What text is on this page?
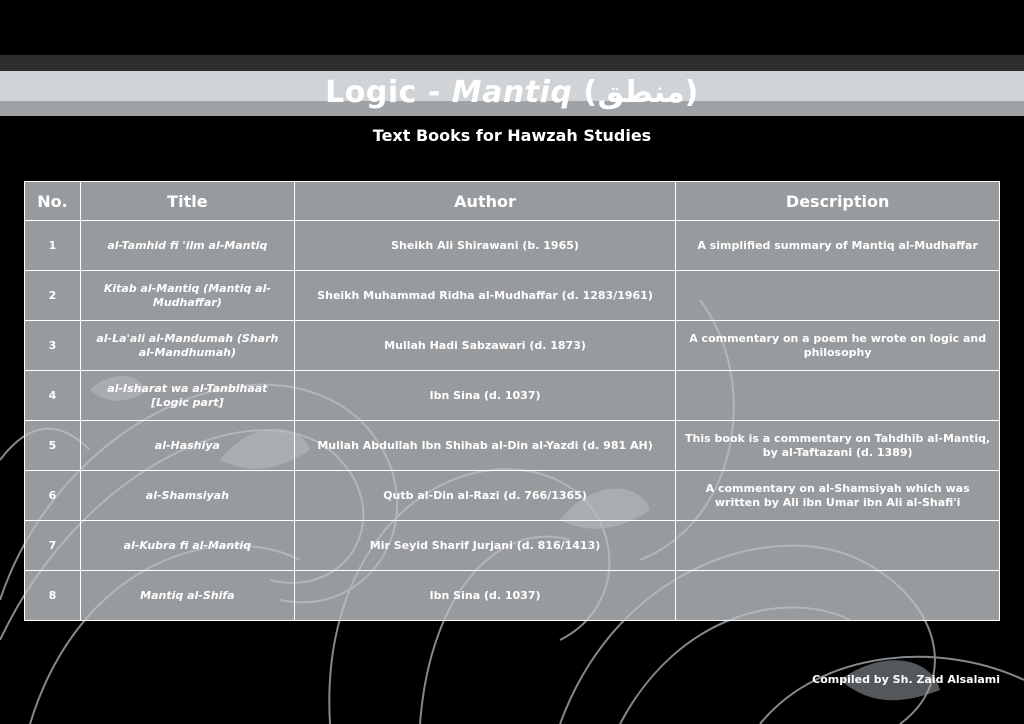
Logic - Mantiq (منطق)
Text Books for Hawzah Studies
No.	Title	Author	Description
1	al-Tamhid fi 'ilm al-Mantiq	Sheikh Ali Shirawani (b. 1965)	A simplified summary of Mantiq al-Mudhaffar
2	Kitab al-Mantiq (Mantiq al-Mudhaffar)	Sheikh Muhammad Ridha al-Mudhaffar (d. 1283/1961)	
3	al-La'ali al-Mandumah (Sharh al-Mandhumah)	Mullah Hadi Sabzawari (d. 1873)	A commentary on a poem he wrote on logic and philosophy
4	al-Isharat wa al-Tanbihaat [Logic part]	Ibn Sina (d. 1037)	
5	al-Hashiya	Mullah Abdullah Ibn Shihab al-Din al-Yazdi (d. 981 AH)	This book is a commentary on Tahdhib al-Mantiq, by al-Taftazani (d. 1389)
6	al-Shamsiyah	Qutb al-Din al-Razi (d. 766/1365)	A commentary on al-Shamsiyah which was written by Ali ibn Umar ibn Ali al-Shafi'i
7	al-Kubra fi al-Mantiq	Mir Seyid Sharif Jurjani (d. 816/1413)	
8	Mantiq al-Shifa	Ibn Sina (d. 1037)	
Compiled by Sh. Zaid Alsalami
